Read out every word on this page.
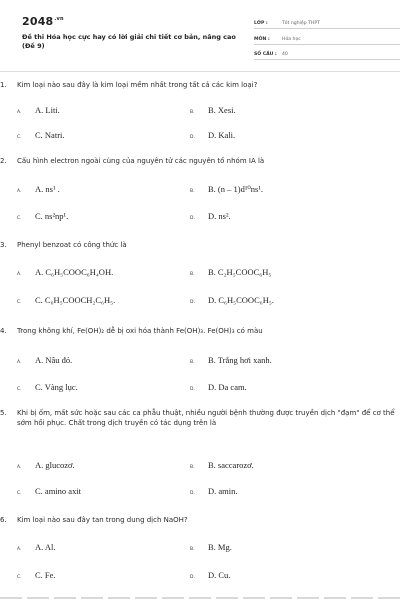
$2048^{.vn}$
Đề thi Hóa học cực hay có lời giải chi tiết cơ bản, nâng cao (Đề 9)
LỚP :	Tốt nghiệp THPT
MÔN :	Hóa học
SỐ CÂU :	40
1.	Kim loại nào sau đây là kim loại mềm nhất trong tất cả các kim loại?
A.	A. Liti.	B.	B. Xesi.
C.	C. Natri.	D.	D. Kali.
2.	Cấu hình electron ngoài cùng của nguyên tử các nguyên tố nhóm IA là
A.	A. ns¹ .	B.	B. (n – 1)d¹⁰ns¹.
C.	C. ns²np¹.	D.	D. ns².
3.	Phenyl benzoat có công thức là
A.	A. C₆H₅COOC₆H₄OH.	B.	B. C₂H₅COOC₆H₅
C.	C. C₆H₅COOCH₂C₆H₅.	D.	D. C₆H₅COOC₆H₅.
4.	Trong không khí, Fe(OH)₂ dễ bị oxi hóa thành Fe(OH)₃. Fe(OH)₃ có màu
A.	A. Nâu đỏ.	B.	B. Trắng hơi xanh.
C.	C. Vàng lục.	D.	D. Da cam.
5.	Khi bị ốm, mất sức hoặc sau các ca phẫu thuật, nhiều người bệnh thường được truyền dịch "đạm" để cơ thể sớm hồi phục. Chất trong dịch truyền có tác dụng trên là
A.	A. glucozơ.	B.	B. saccarozơ.
C.	C. amino axit	D.	D. amin.
6.	Kim loại nào sau đây tan trong dung dịch NaOH?
A.	A. Al.	B.	B. Mg.
C.	C. Fe.	D.	D. Cu.
